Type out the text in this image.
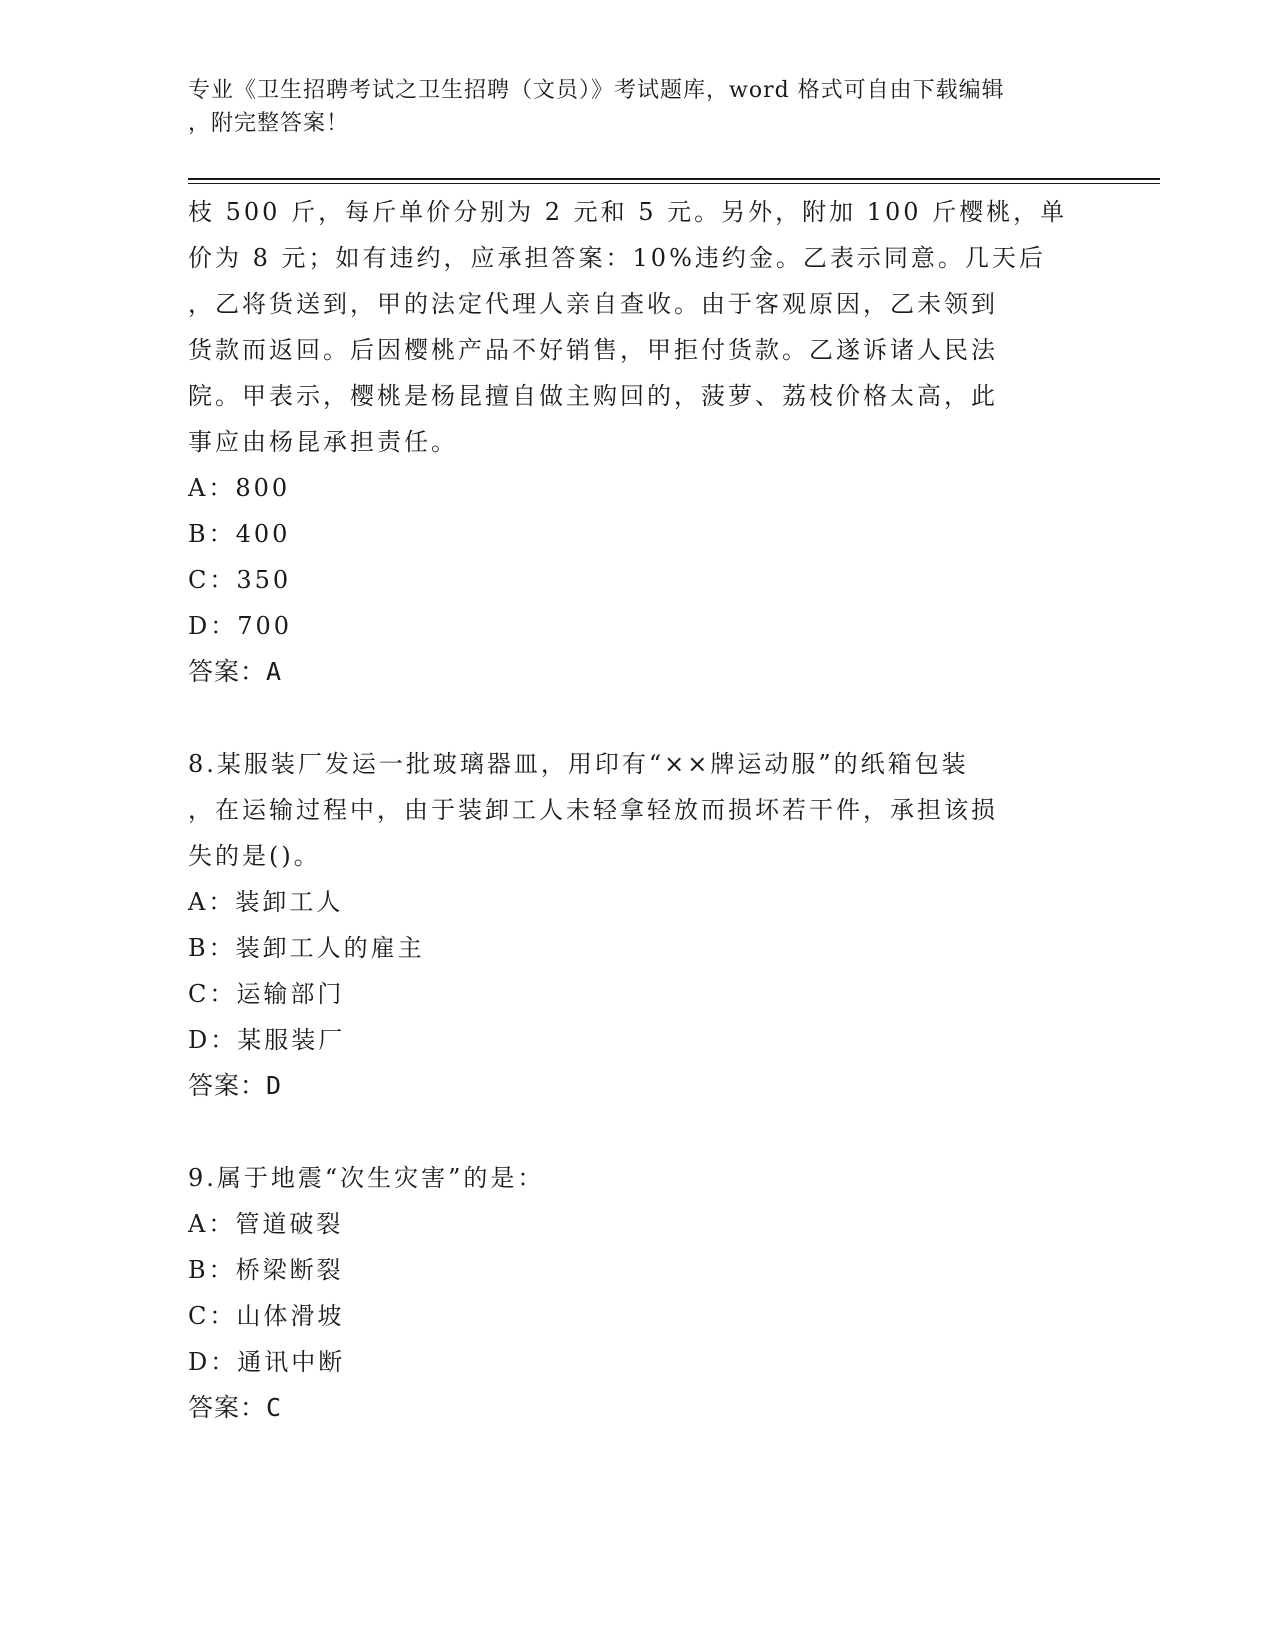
专业《卫生招聘考试之卫生招聘（文员）》考试题库，word 格式可自由下载编辑
，附完整答案！
枝 500 斤，每斤单价分别为 2 元和 5 元。另外，附加 100 斤樱桃，单
价为 8 元；如有违约，应承担答案：10%违约金。乙表示同意。几天后
，乙将货送到，甲的法定代理人亲自查收。由于客观原因，乙未领到
货款而返回。后因樱桃产品不好销售，甲拒付货款。乙遂诉诸人民法
院。甲表示，樱桃是杨昆擅自做主购回的，菠萝、荔枝价格太高，此
事应由杨昆承担责任。
A：800
B：400
C：350
D：700
答案：A
8.某服装厂发运一批玻璃器皿，用印有“××牌运动服”的纸箱包装
，在运输过程中，由于装卸工人未轻拿轻放而损坏若干件，承担该损
失的是()。
A：装卸工人
B：装卸工人的雇主
C：运输部门
D：某服装厂
答案：D
9.属于地震“次生灾害”的是：
A：管道破裂
B：桥梁断裂
C：山体滑坡
D：通讯中断
答案：C
